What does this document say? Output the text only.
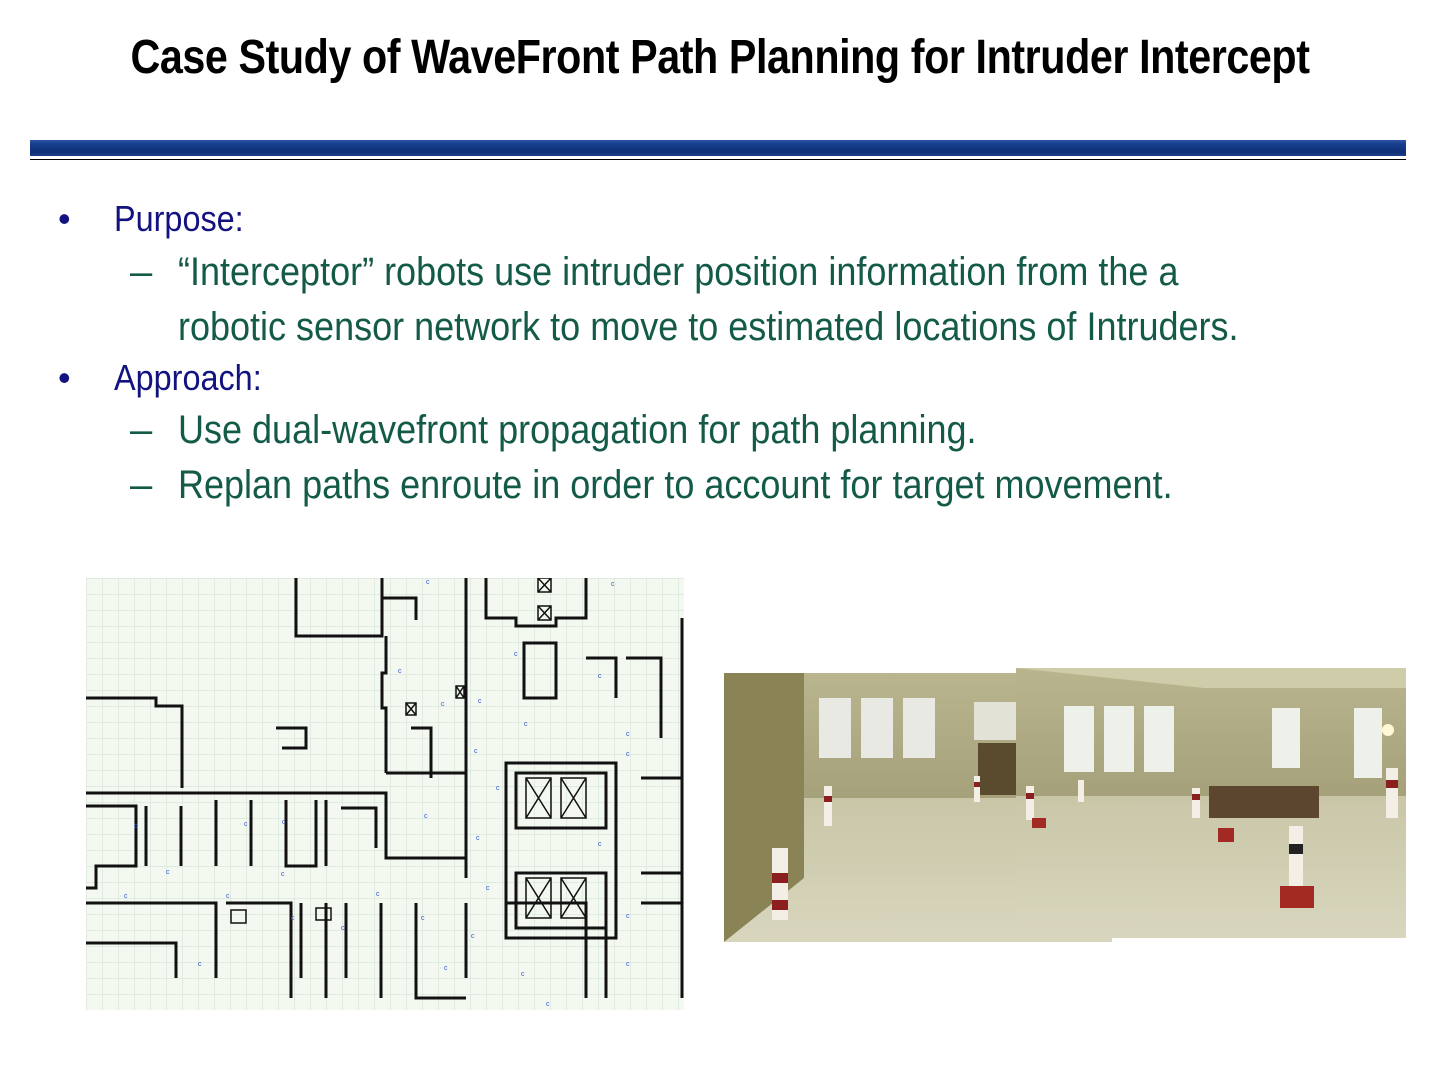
Case Study of WaveFront Path Planning for Intruder Intercept
• Purpose:
– “Interceptor” robots use intruder position information from the a
robotic sensor network to move to estimated locations of Intruders.
• Approach:
– Use dual-wavefront propagation for path planning.
– Replan paths enroute in order to account for target movement.
c	c
c
c
c
c	c
c
c
c	c
c
c
c	c	c
c
c
c	c
c
c	c	c
c
c
c	c
c
c	c
c
c
c
